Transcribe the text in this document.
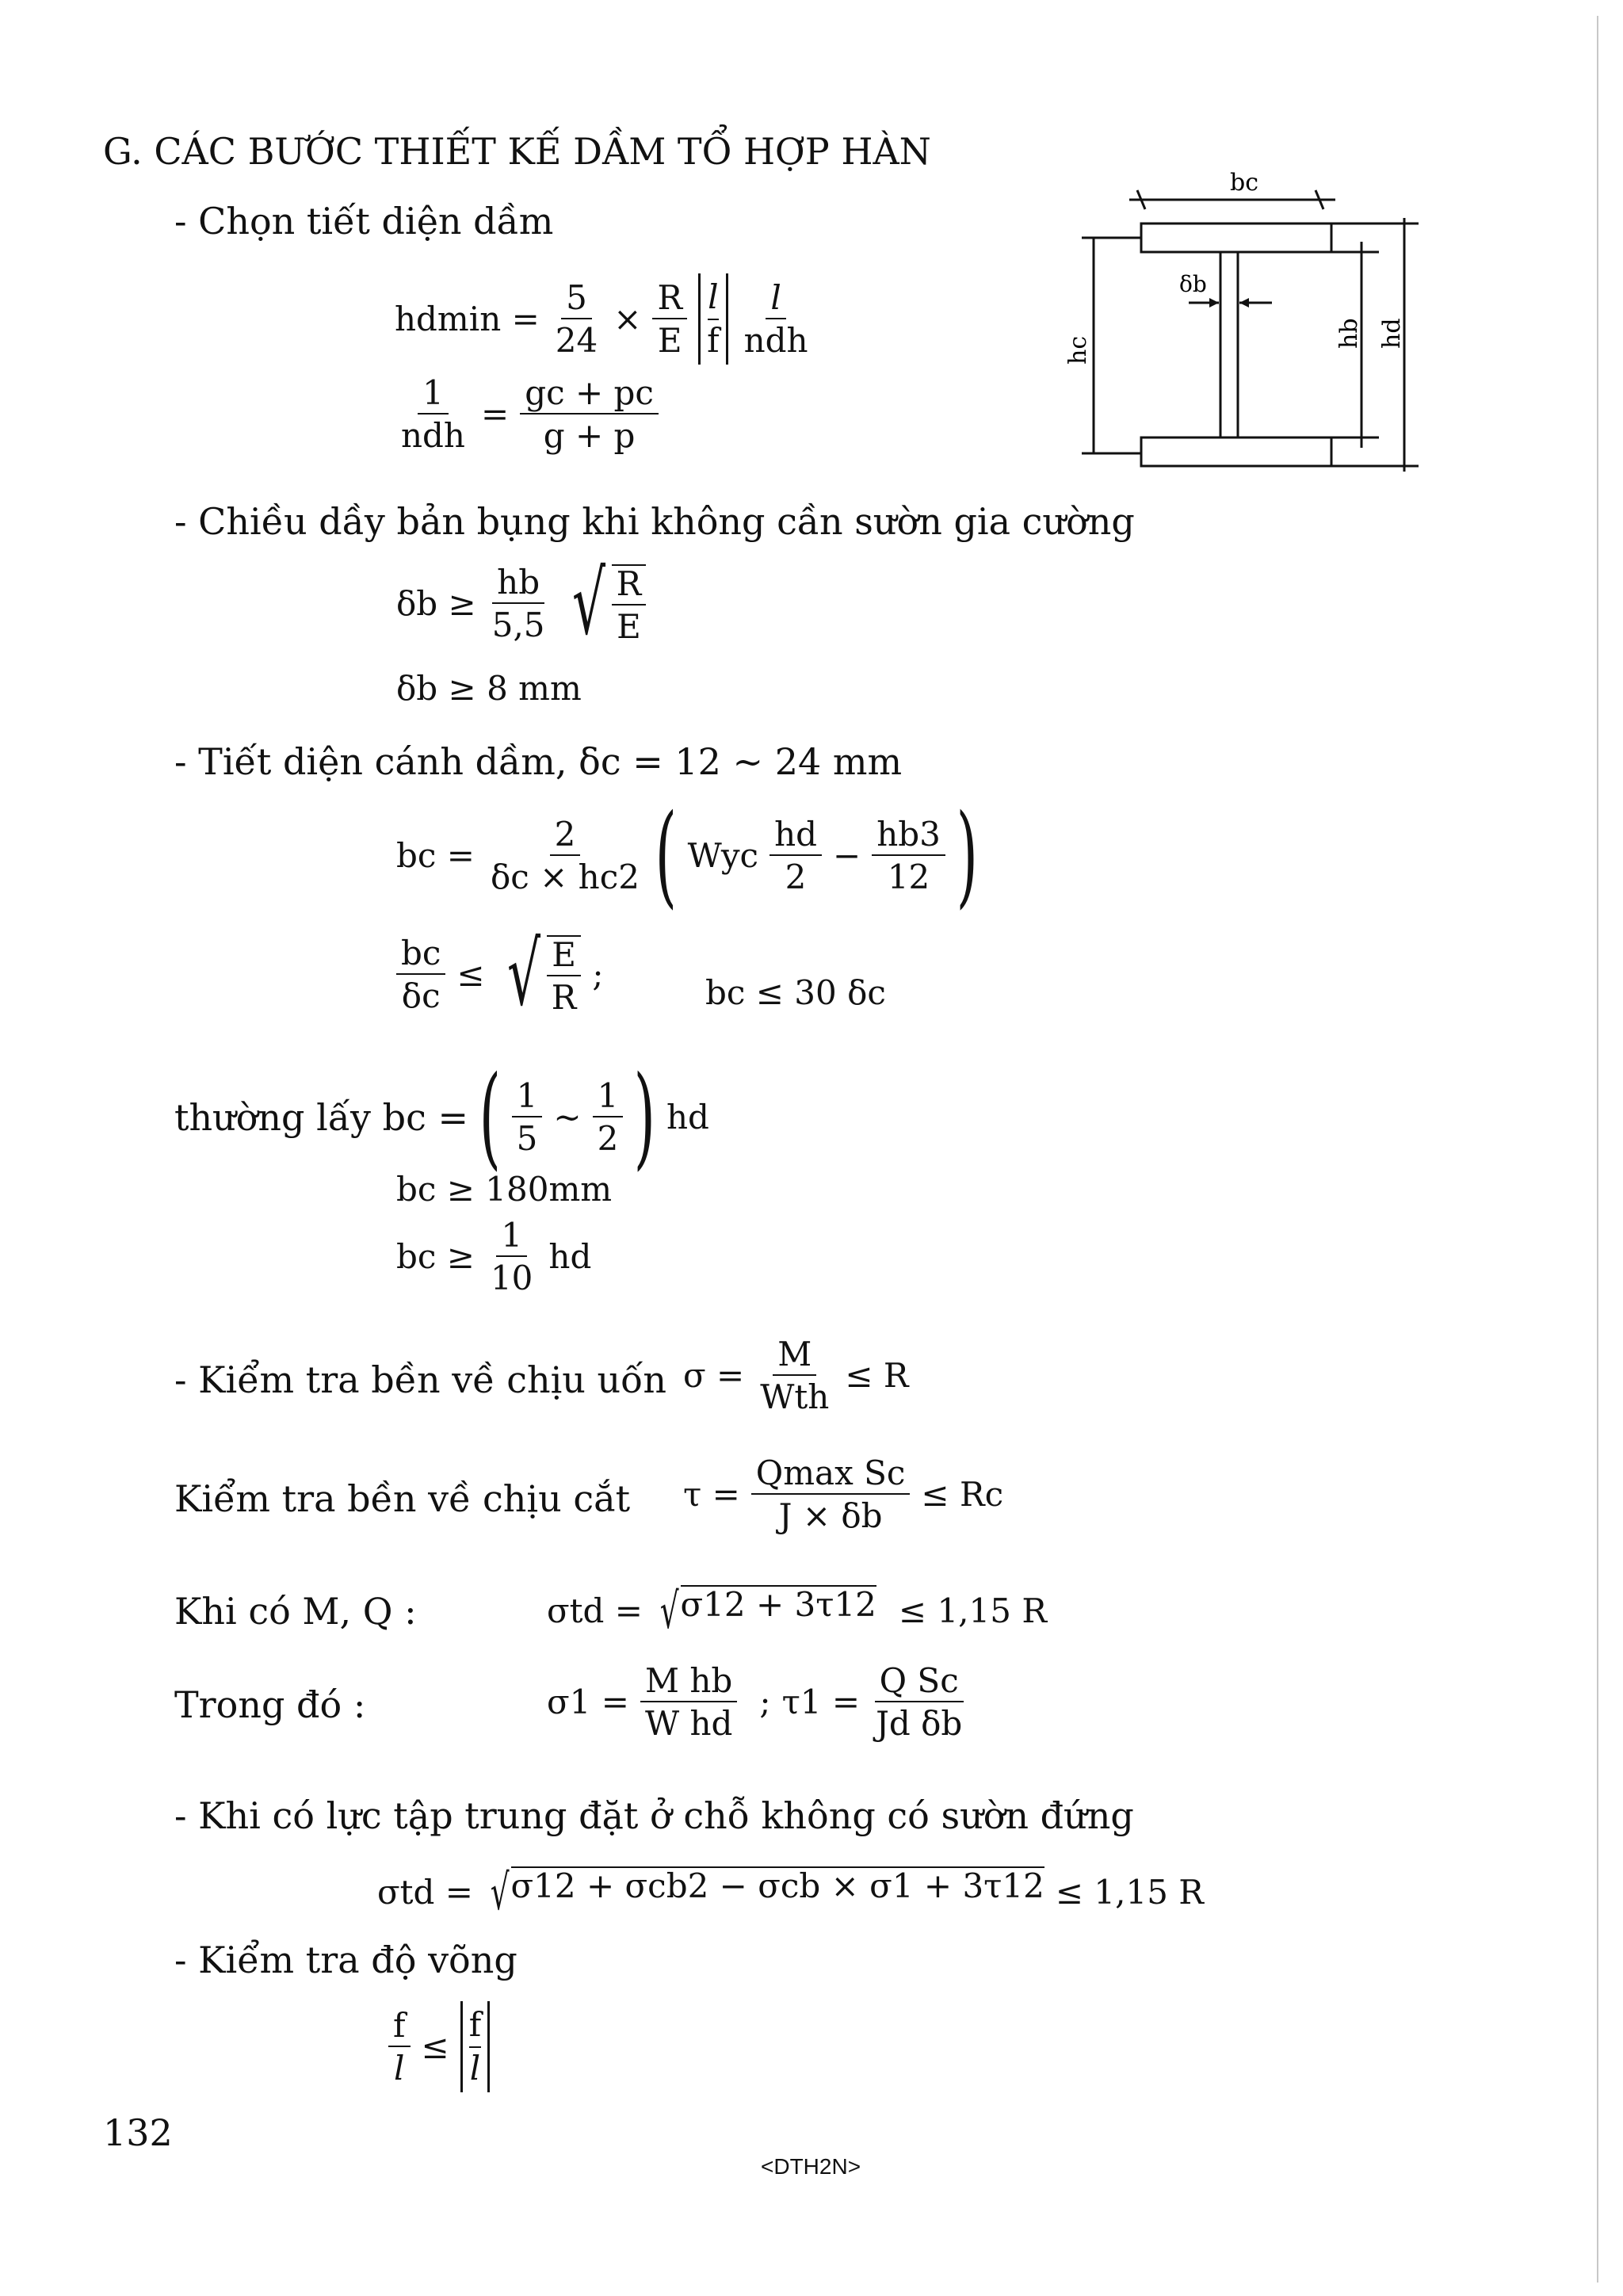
G. CÁC BƯỚC THIẾT KẾ DẦM TỔ HỢP HÀN
- Chọn tiết diện dầm
$hdmin = \frac{5}{24} \times \frac{R}{E} \frac{l}{f} \frac{l}{\text{ndh}}$
$\frac{1}{\text{ndh}} = \frac{gc + pc}{g + p}$
bc
δb
hc
hb hd
- Chiều dầy bản bụng khi không cần sườn gia cường
$\delta b \ge \frac{hb}{5,5}$ √ $\frac{R}{E}$
δb ≥ 8 mm
- Tiết diện cánh dầm, δc = 12 ~ 24 mm
bc = $\frac{2}{\delta c \times hc2}$ ( Wyc $\frac{hd}{2} - \frac{hb3}{12}$ )
$\frac{bc}{\delta c}$ ≤ √ $\frac{E}{R}$ ;	bc ≤ 30 δc
thường lấy bc = ( $\frac{1}{5}$ ~ $\frac{1}{2}$ ) hd
bc ≥ 180mm
bc ≥ $\frac{1}{10}$ hd
- Kiểm tra bền về chịu uốn $\sigma = \frac{M}{\text{Wth}} \le R$
Kiểm tra bền về chịu cắt $\tau = \frac{\text{Qmax Sc}}{J \times \delta b} \le Rc$
Khi có M, Q :	σtd = √ σ12 + 3τ12 ≤ 1,15 R
Trong đó :	$\sigma 1 = \frac{\text{M hb}}{\text{W hd}}$ ; $\tau 1 = \frac{\text{Q Sc}}{\text{Jd δb}}$
- Khi có lực tập trung đặt ở chỗ không có sườn đứng
σtd = √ σ12 + σcb2 − σcb × σ1 + 3τ12 ≤ 1,15 R
- Kiểm tra độ võng
$\frac{f}{l} \le \frac{f}{l}$
132
<DTH2N>
